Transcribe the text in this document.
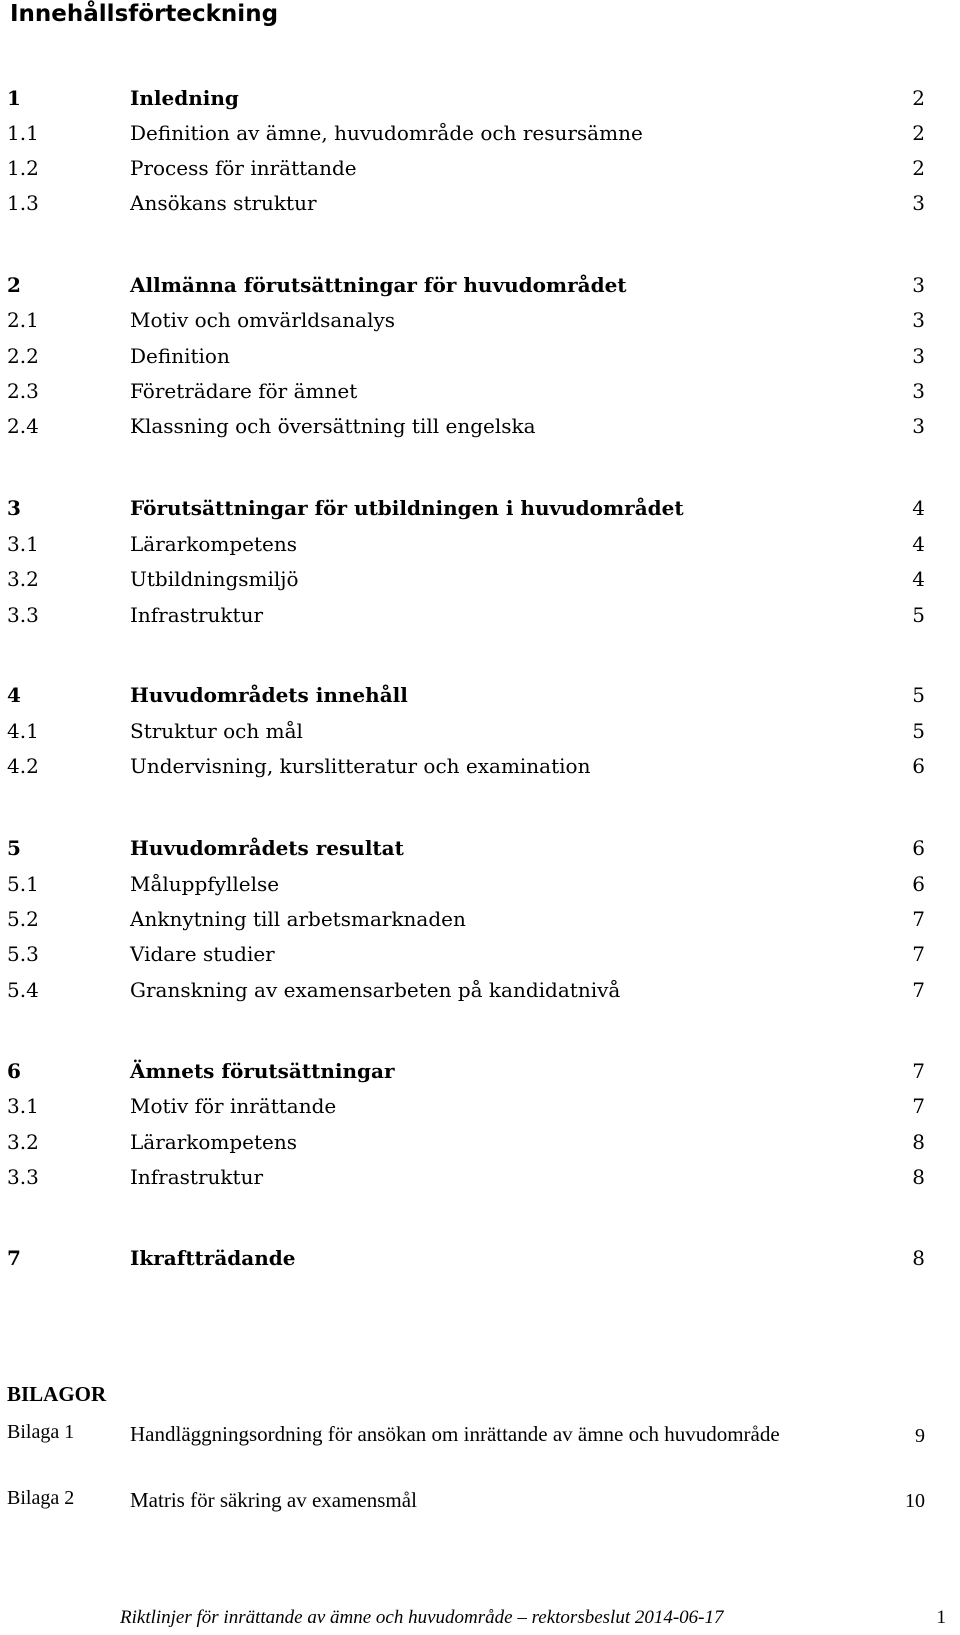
Innehållsförteckning
1	Inledning	2
1.1	Definition av ämne, huvudområde och resursämne	2
1.2	Process för inrättande	2
1.3	Ansökans struktur	3
2	Allmänna förutsättningar för huvudområdet	3
2.1	Motiv och omvärldsanalys	3
2.2	Definition	3
2.3	Företrädare för ämnet	3
2.4	Klassning och översättning till engelska	3
3	Förutsättningar för utbildningen i huvudområdet	4
3.1	Lärarkompetens	4
3.2	Utbildningsmiljö	4
3.3	Infrastruktur	5
4	Huvudområdets innehåll	5
4.1	Struktur och mål	5
4.2	Undervisning, kurslitteratur och examination	6
5	Huvudområdets resultat	6
5.1	Måluppfyllelse	6
5.2	Anknytning till arbetsmarknaden	7
5.3	Vidare studier	7
5.4	Granskning av examensarbeten på kandidatnivå	7
6	Ämnets förutsättningar	7
3.1	Motiv för inrättande	7
3.2	Lärarkompetens	8
3.3	Infrastruktur	8
7	Ikraftträdande	8
BILAGOR
Bilaga 1	Handläggningsordning för ansökan om inrättande av ämne och huvudområde	9
Bilaga 2	Matris för säkring av examensmål	10
Riktlinjer för inrättande av ämne och huvudområde – rektorsbeslut 2014-06-17	1
